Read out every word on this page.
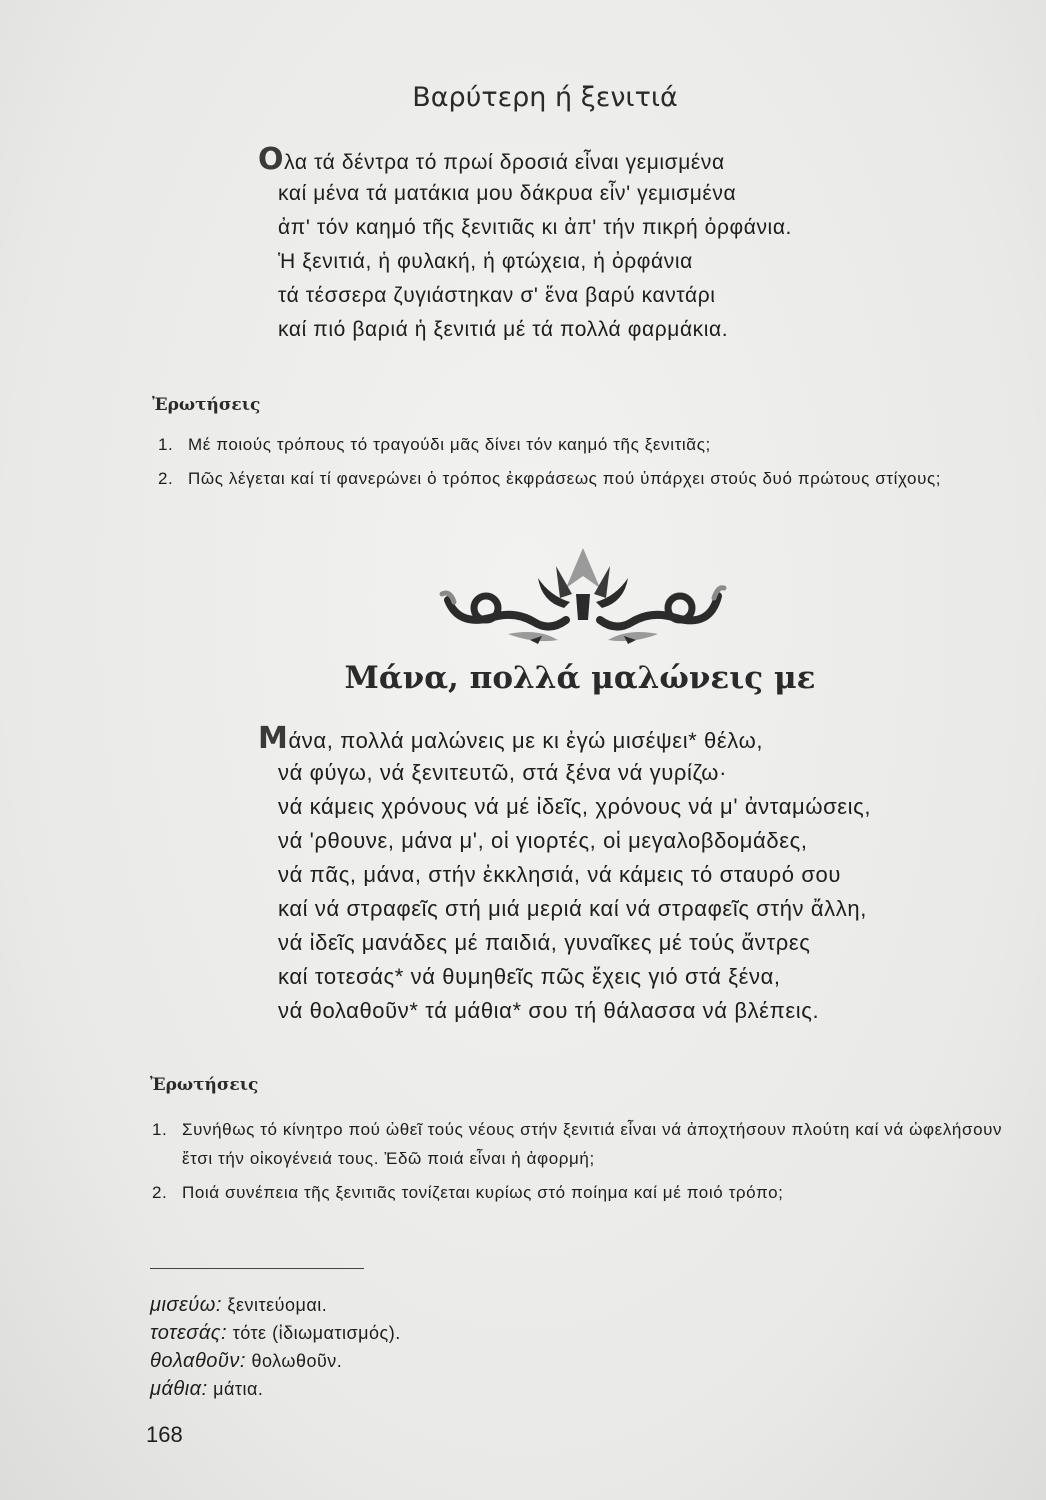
Βαρύτερη ή ξενιτιά
Ολα τά δέντρα τό πρωί δροσιά εἶναι γεμισμένα
καί μένα τά ματάκια μου δάκρυα εἶν' γεμισμένα
ἀπ' τόν καημό τῆς ξενιτιᾶς κι ἀπ' τήν πικρή ὀρφάνια.
Ἡ ξενιτιά, ἡ φυλακή, ἡ φτώχεια, ἡ ὀρφάνια
τά τέσσερα ζυγιάστηκαν σ' ἕνα βαρύ καντάρι
καί πιό βαριά ἡ ξενιτιά μέ τά πολλά φαρμάκια.
Ἐρωτήσεις
1. Μέ ποιούς τρόπους τό τραγούδι μᾶς δίνει τόν καημό τῆς ξενιτιᾶς;
2. Πῶς λέγεται καί τί φανερώνει ὁ τρόπος ἐκφράσεως πού ὑπάρχει στούς δυό πρώτους στίχους;
Μάνα, πολλά μαλώνεις με
Μάνα, πολλά μαλώνεις με κι ἐγώ μισέψει* θέλω,
νά φύγω, νά ξενιτευτῶ, στά ξένα νά γυρίζω·
νά κάμεις χρόνους νά μέ ἰδεῖς, χρόνους νά μ' ἀνταμώσεις,
νά 'ρθουνε, μάνα μ', οἱ γιορτές, οἱ μεγαλοβδομάδες,
νά πᾶς, μάνα, στήν ἐκκλησιά, νά κάμεις τό σταυρό σου
καί νά στραφεῖς στή μιά μεριά καί νά στραφεῖς στήν ἄλλη,
νά ἰδεῖς μανάδες μέ παιδιά, γυναῖκες μέ τούς ἄντρες
καί τοτεσάς* νά θυμηθεῖς πῶς ἔχεις γιό στά ξένα,
νά θολαθοῦν* τά μάθια* σου τή θάλασσα νά βλέπεις.
Ἐρωτήσεις
1. Συνήθως τό κίνητρο πού ὠθεῖ τούς νέους στήν ξενιτιά εἶναι νά ἀποχτήσουν πλούτη καί νά ὠφελήσουν ἔτσι τήν οἰκογένειά τους. Ἐδῶ ποιά εἶναι ἡ ἀφορμή;
2. Ποιά συνέπεια τῆς ξενιτιᾶς τονίζεται κυρίως στό ποίημα καί μέ ποιό τρόπο;
μισεύω: ξενιτεύομαι.
τοτεσάς: τότε (ἰδιωματισμός).
θολαθοῦν: θολωθοῦν.
μάθια: μάτια.
168
